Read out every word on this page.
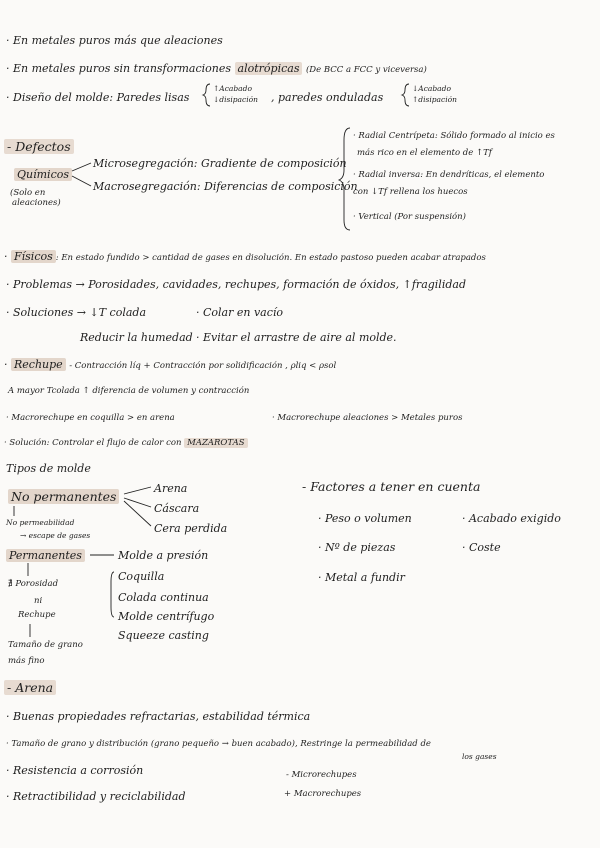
· En metales puros más que aleaciones
· En metales puros sin transformaciones alotrópicas (De BCC a FCC y viceversa)
· Diseño del molde: Paredes lisas
↑Acabado
↓disipación , paredes onduladas
↓Acabado
↑disipación
- Defectos
Químicos
(Solo en
aleaciones)
Microsegregación: Gradiente de composición
Macrosegregación: Diferencias de composición
· Radial Centrípeta: Sólido formado al inicio es
más rico en el elemento de ↑Tf
· Radial inversa: En dendríticas, el elemento
con ↓Tf rellena los huecos
· Vertical (Por suspensión)
· Físicos : En estado fundido > cantidad de gases en disolución. En estado pastoso pueden acabar atrapados
· Problemas → Porosidades, cavidades, rechupes, formación de óxidos, ↑fragilidad
· Soluciones → ↓T colada	· Colar en vacío
Reducir la humedad · Evitar el arrastre de aire al molde.
· Rechupe - Contracción líq + Contracción por solidificación , ρliq < ρsol
A mayor Tcolada ↑ diferencia de volumen y contracción
· Macrorechupe en coquilla > en arena	· Macrorechupe aleaciones > Metales puros
· Solución: Controlar el flujo de calor con MAZAROTAS
Tipos de molde
No permanentes
Arena
Cáscara
Cera perdida
No permeabilidad
→ escape de gases
Permanentes	Molde a presión
Coquilla
Colada continua
Molde centrífugo
Squeeze casting
∄ Porosidad
ni
Rechupe
Tamaño de grano
más fino
- Factores a tener en cuenta
· Peso o volumen	· Acabado exigido
· Nº de piezas	· Coste
· Metal a fundir
- Arena
· Buenas propiedades refractarias, estabilidad térmica
· Tamaño de grano y distribución (grano pequeño → buen acabado), Restringe la permeabilidad de
los gases
· Resistencia a corrosión	- Microrechupes
· Retractibilidad y reciclabilidad	+ Macrorechupes
